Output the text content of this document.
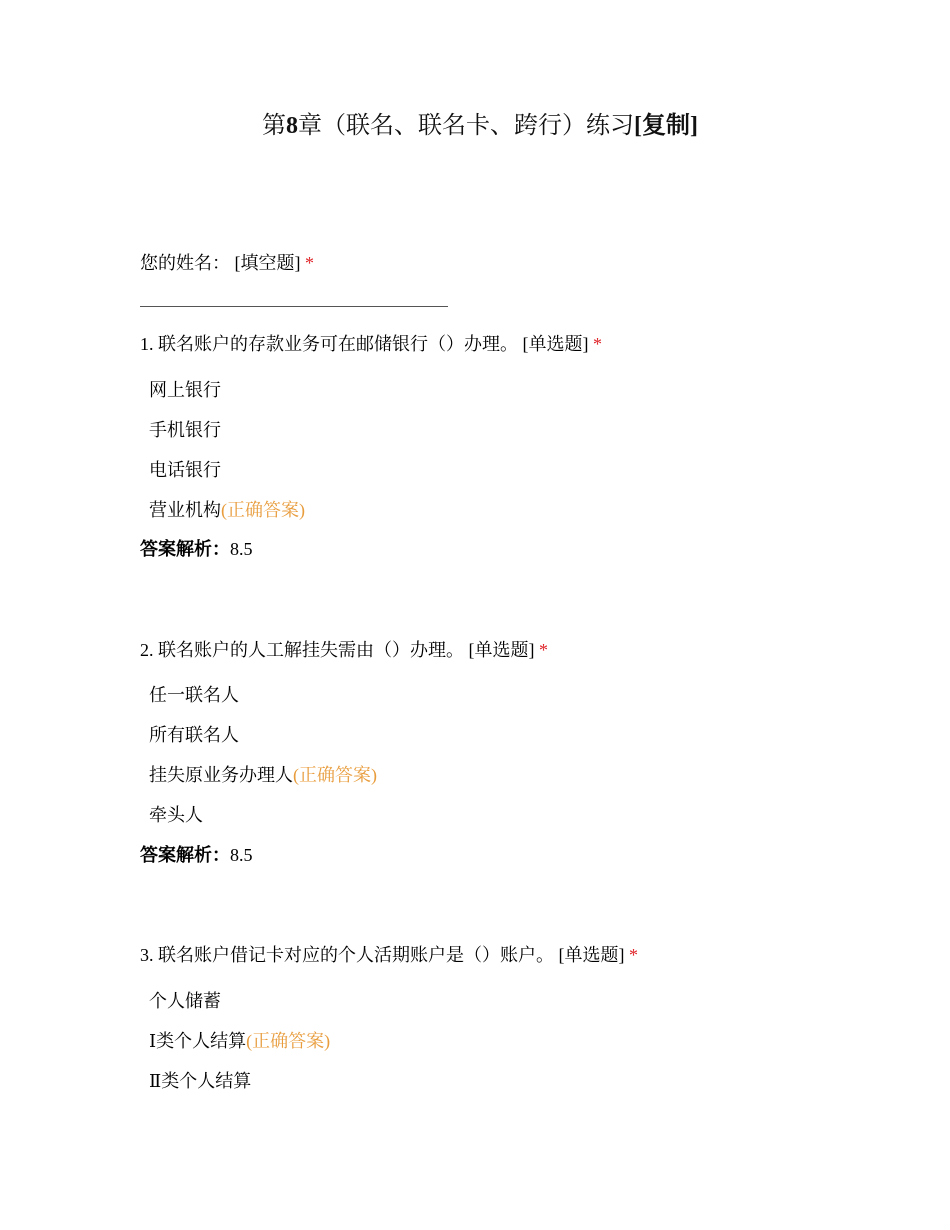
第8章（联名、联名卡、跨行）练习[复制]
您的姓名： [填空题] *
1. 联名账户的存款业务可在邮储银行（）办理。 [单选题] *
网上银行
手机银行
电话银行
营业机构(正确答案)
答案解析：8.5
2. 联名账户的人工解挂失需由（）办理。 [单选题] *
任一联名人
所有联名人
挂失原业务办理人(正确答案)
牵头人
答案解析：8.5
3. 联名账户借记卡对应的个人活期账户是（）账户。 [单选题] *
个人储蓄
Ⅰ类个人结算(正确答案)
Ⅱ类个人结算
